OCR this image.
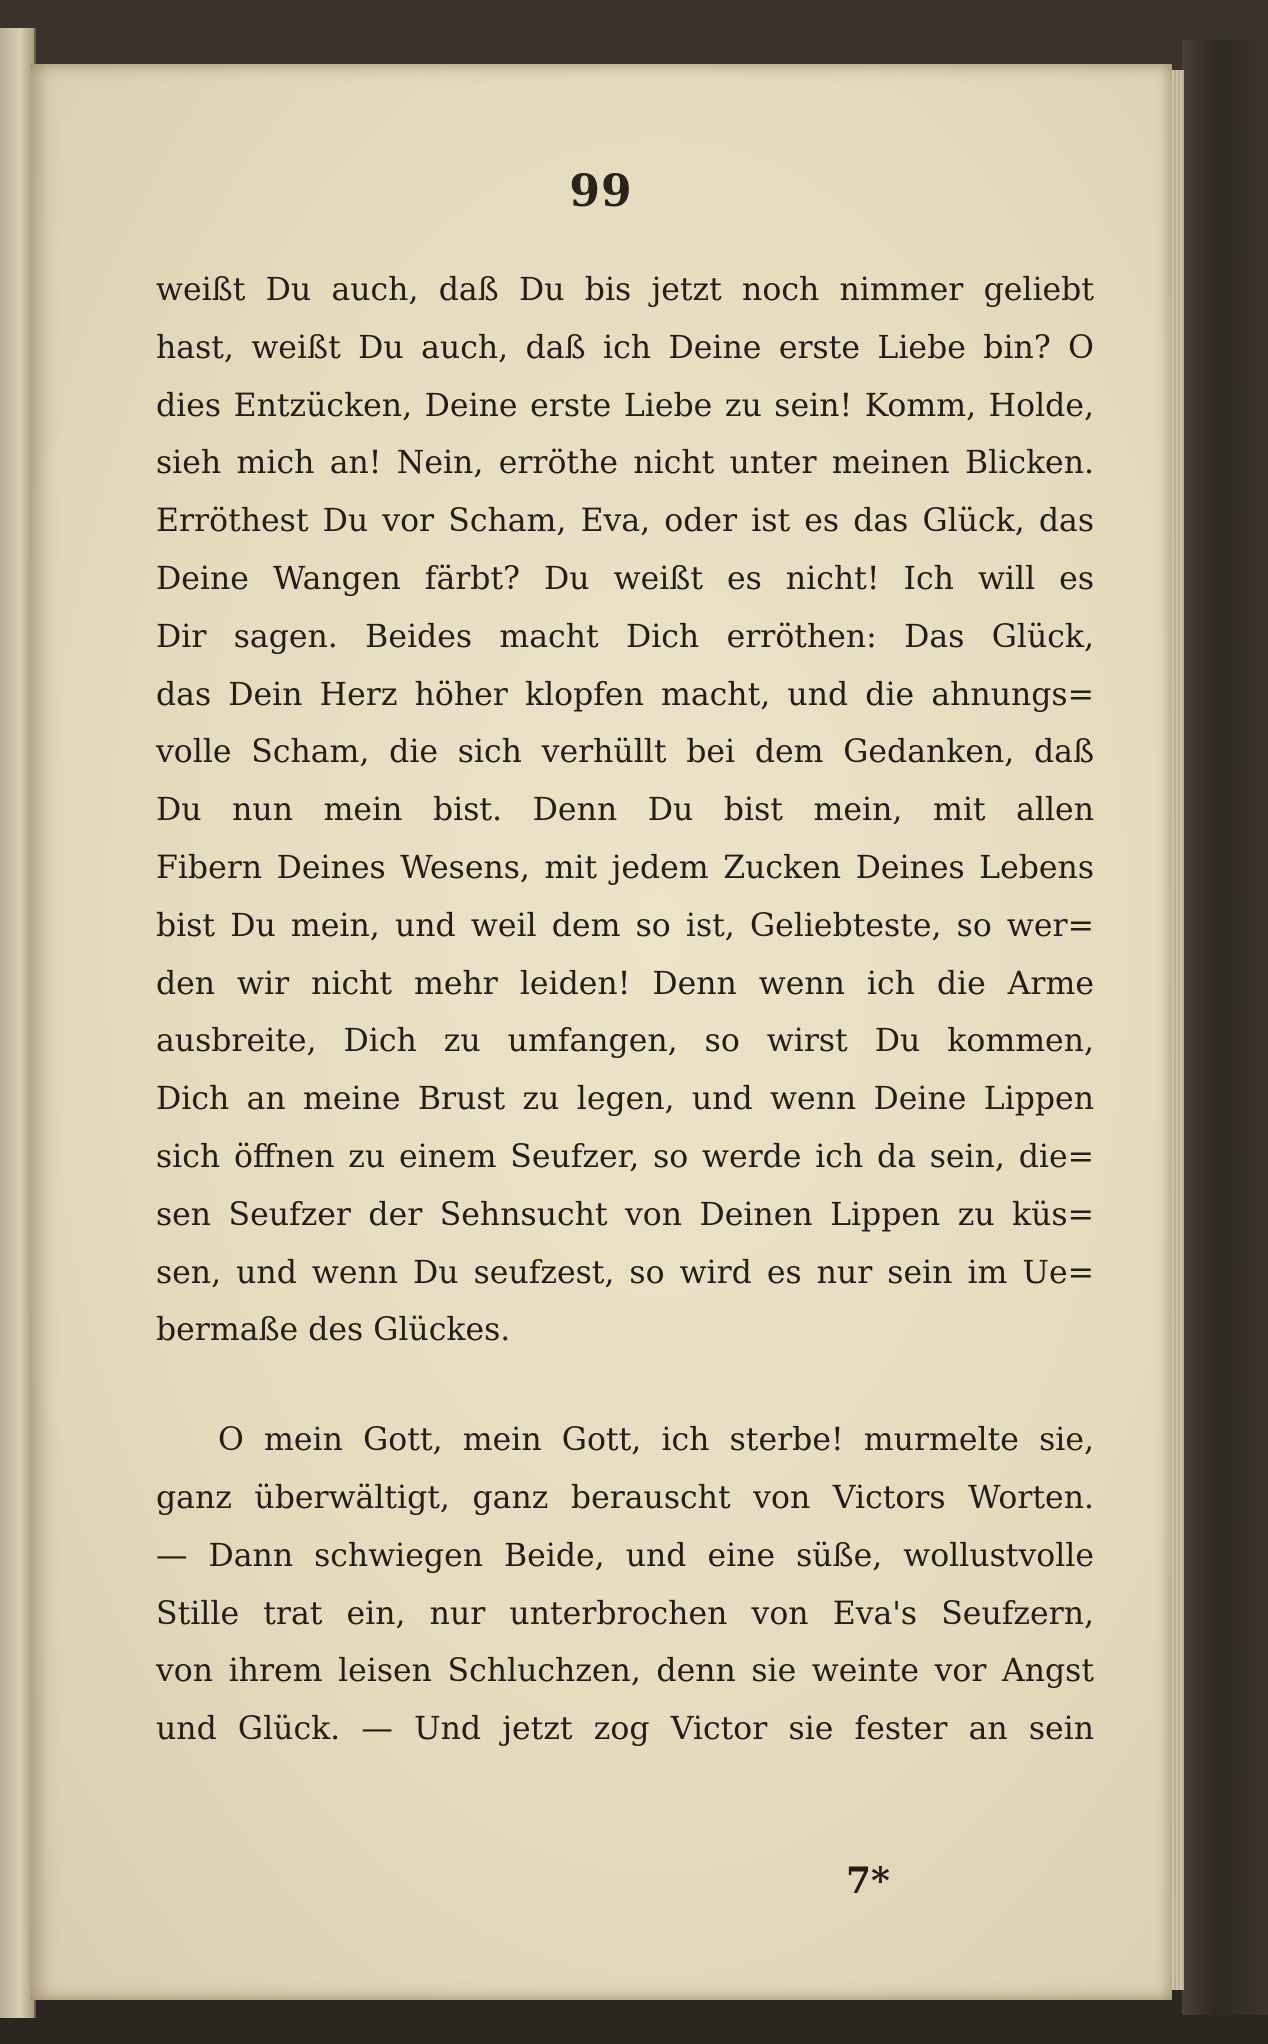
99
weißt Du auch, daß Du bis jetzt noch nimmer geliebt
hast, weißt Du auch, daß ich Deine erste Liebe bin? O
dies Entzücken, Deine erste Liebe zu sein! Komm, Holde,
sieh mich an! Nein, erröthe nicht unter meinen Blicken.
Erröthest Du vor Scham, Eva, oder ist es das Glück, das
Deine Wangen färbt? Du weißt es nicht! Ich will es
Dir sagen. Beides macht Dich erröthen: Das Glück,
das Dein Herz höher klopfen macht, und die ahnungs=
volle Scham, die sich verhüllt bei dem Gedanken, daß
Du nun mein bist. Denn Du bist mein, mit allen
Fibern Deines Wesens, mit jedem Zucken Deines Lebens
bist Du mein, und weil dem so ist, Geliebteste, so wer=
den wir nicht mehr leiden! Denn wenn ich die Arme
ausbreite, Dich zu umfangen, so wirst Du kommen,
Dich an meine Brust zu legen, und wenn Deine Lippen
sich öffnen zu einem Seufzer, so werde ich da sein, die=
sen Seufzer der Sehnsucht von Deinen Lippen zu küs=
sen, und wenn Du seufzest, so wird es nur sein im Ue=
bermaße des Glückes.
O mein Gott, mein Gott, ich sterbe! murmelte sie,
ganz überwältigt, ganz berauscht von Victors Worten.
— Dann schwiegen Beide, und eine süße, wollustvolle
Stille trat ein, nur unterbrochen von Eva's Seufzern,
von ihrem leisen Schluchzen, denn sie weinte vor Angst
und Glück. — Und jetzt zog Victor sie fester an sein
7*
